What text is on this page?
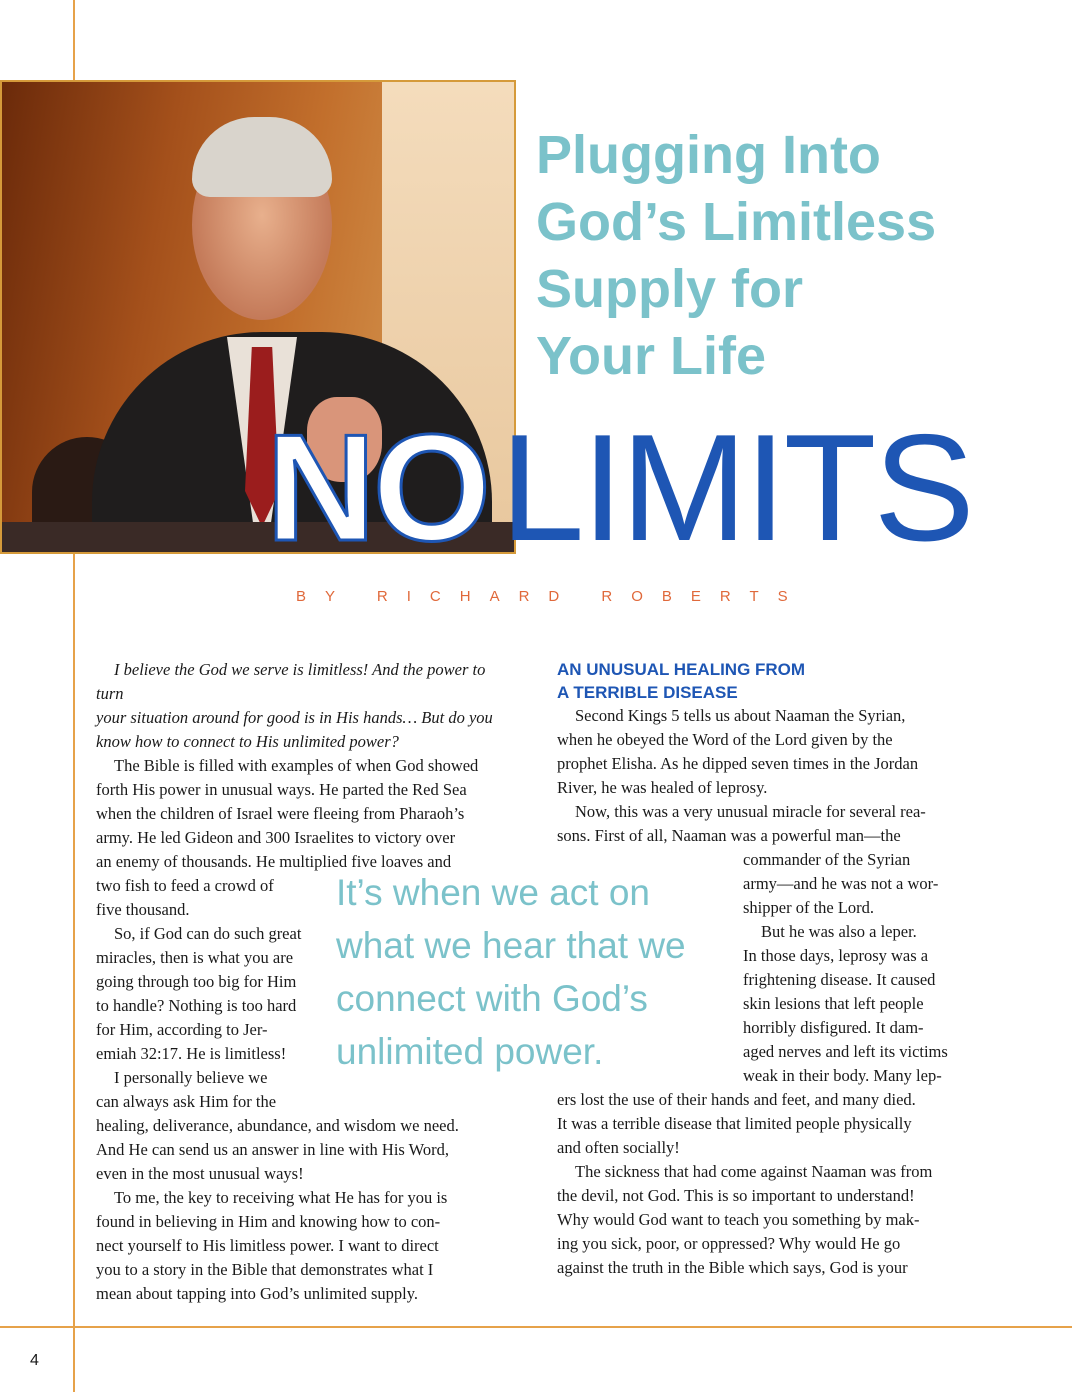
Plugging Into
God’s Limitless
Supply for
Your Life
NOLIMITS

BY RICHARD ROBERTS

I believe the God we serve is limitless! And the power to turn
your situation around for good is in His hands… But do you
know how to connect to His unlimited power?

The Bible is filled with examples of when God showed
forth His power in unusual ways. He parted the Red Sea
when the children of Israel were fleeing from Pharaoh’s
army. He led Gideon and 300 Israelites to victory over
an enemy of thousands. He multiplied five loaves and
two fish to feed a crowd of
five thousand.

So, if God can do such great
miracles, then is what you are
going through too big for Him
to handle? Nothing is too hard
for Him, according to Jer-
emiah 32:17. He is limitless!

I personally believe we
can always ask Him for the
healing, deliverance, abundance, and wisdom we need.
And He can send us an answer in line with His Word,
even in the most unusual ways!

To me, the key to receiving what He has for you is
found in believing in Him and knowing how to con-
nect yourself to His limitless power. I want to direct
you to a story in the Bible that demonstrates what I
mean about tapping into God’s unlimited supply.

It’s when we act on what we hear that we connect with God’s unlimited power.

AN UNUSUAL HEALING FROM
A TERRIBLE DISEASE

Second Kings 5 tells us about Naaman the Syrian,
when he obeyed the Word of the Lord given by the
prophet Elisha. As he dipped seven times in the Jordan
River, he was healed of leprosy.

Now, this was a very unusual miracle for several rea-
sons. First of all, Naaman was a powerful man—the

commander of the Syrian
army—and he was not a wor-
shipper of the Lord.
But he was also a leper.
In those days, leprosy was a
frightening disease. It caused
skin lesions that left people
horribly disfigured. It dam-
aged nerves and left its victims
weak in their body. Many lep-

ers lost the use of their hands and feet, and many died.
It was a terrible disease that limited people physically
and often socially!

The sickness that had come against Naaman was from
the devil, not God. This is so important to understand!
Why would God want to teach you something by mak-
ing you sick, poor, or oppressed? Why would He go
against the truth in the Bible which says, God is your

4
